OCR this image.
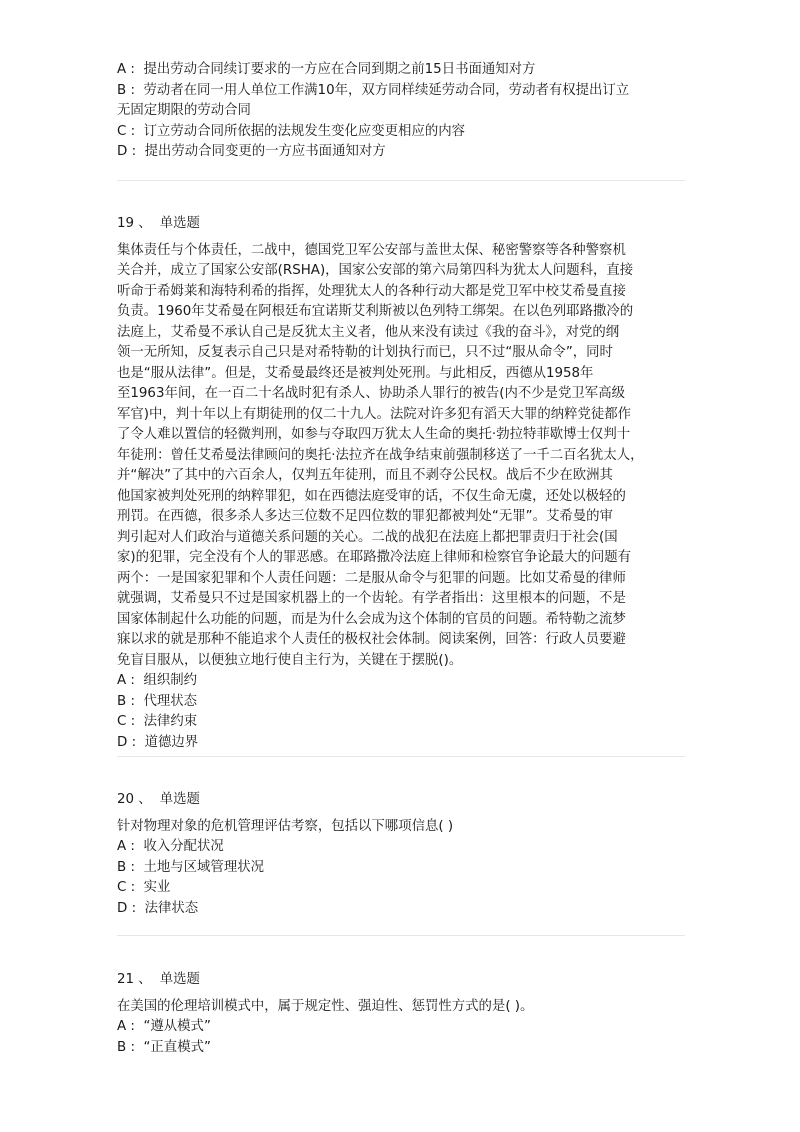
A : 提出劳动合同续订要求的一方应在合同到期之前15日书面通知对方
B : 劳动者在同一用人单位工作满10年，双方同样续延劳动合同，劳动者有权提出订立
无固定期限的劳动合同
C : 订立劳动合同所依据的法规发生变化应变更相应的内容
D : 提出劳动合同变更的一方应书面通知对方
19 、 单选题
集体责任与个体责任，二战中，德国党卫军公安部与盖世太保、秘密警察等各种警察机
关合并，成立了国家公安部(RSHA)，国家公安部的第六局第四科为犹太人问题科，直接
听命于希姆莱和海特利希的指挥，处理犹太人的各种行动大都是党卫军中校艾希曼直接
负责。1960年艾希曼在阿根廷布宜诺斯艾利斯被以色列特工绑架。在以色列耶路撒冷的
法庭上，艾希曼不承认自己是反犹太主义者，他从来没有读过《我的奋斗》，对党的纲
领一无所知，反复表示自己只是对希特勒的计划执行而已，只不过“服从命令”，同时
也是“服从法律”。但是，艾希曼最终还是被判处死刑。与此相反，西德从1958年
至1963年间，在一百二十名战时犯有杀人、协助杀人罪行的被告(内不少是党卫军高级
军官)中，判十年以上有期徒刑的仅二十九人。法院对许多犯有滔天大罪的纳粹党徒都作
了令人难以置信的轻微判刑，如参与夺取四万犹太人生命的奥托·勃拉特菲歇博士仅判十
年徒刑：曾任艾希曼法律顾问的奥托·法拉齐在战争结束前强制移送了一千二百名犹太人，
并“解决”了其中的六百余人，仅判五年徒刑，而且不剥夺公民权。战后不少在欧洲其
他国家被判处死刑的纳粹罪犯，如在西德法庭受审的话，不仅生命无虞，还处以极轻的
刑罚。在西德，很多杀人多达三位数不足四位数的罪犯都被判处“无罪”。艾希曼的审
判引起对人们政治与道德关系问题的关心。二战的战犯在法庭上都把罪责归于社会(国
家)的犯罪，完全没有个人的罪恶感。在耶路撒冷法庭上律师和检察官争论最大的问题有
两个：一是国家犯罪和个人责任问题：二是服从命令与犯罪的问题。比如艾希曼的律师
就强调，艾希曼只不过是国家机器上的一个齿轮。有学者指出：这里根本的问题，不是
国家体制起什么功能的问题，而是为什么会成为这个体制的官员的问题。希特勒之流梦
寐以求的就是那种不能追求个人责任的极权社会体制。阅读案例，回答：行政人员要避
免盲目服从，以便独立地行使自主行为，关键在于摆脱()。
A : 组织制约
B : 代理状态
C : 法律约束
D : 道德边界
20 、 单选题
针对物理对象的危机管理评估考察，包括以下哪项信息( )
A : 收入分配状况
B : 土地与区域管理状况
C : 实业
D : 法律状态
21 、 单选题
在美国的伦理培训模式中，属于规定性、强迫性、惩罚性方式的是( )。
A : “遵从模式”
B : “正直模式”
